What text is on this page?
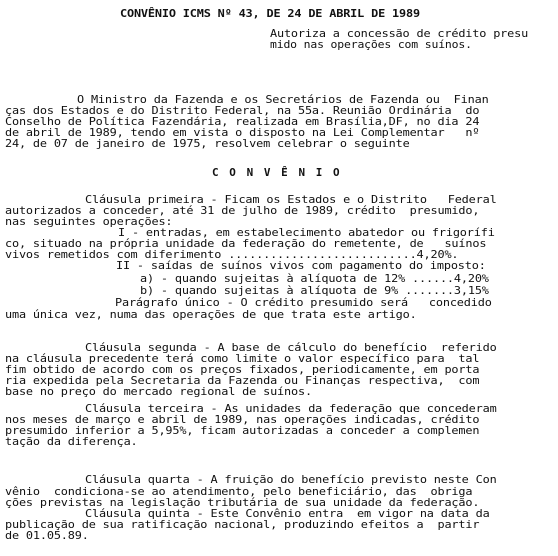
CONVÊNIO ICMS Nº 43, DE 24 DE ABRIL DE 1989
Autoriza a concessão de crédito presu
mido nas operações com suínos.
O Ministro da Fazenda e os Secretários de Fazenda ou  Finan
ças dos Estados e do Distrito Federal, na 55a. Reunião Ordinária  do
Conselho de Política Fazendária, realizada em Brasília,DF, no dia 24
de abril de 1989, tendo em vista o disposto na Lei Complementar   nº
24, de 07 de janeiro de 1975, resolvem celebrar o seguinte
C O N V Ê N I O
Cláusula primeira - Ficam os Estados e o Distrito   Federal
autorizados a conceder, até 31 de julho de 1989, crédito  presumido,
nas seguintes operações:
I - entradas, em estabelecimento abatedor ou frigorífi
co, situado na própria unidade da federação do remetente, de   suínos
vivos remetidos com diferimento ...........................4,20%.
II - saídas de suínos vivos com pagamento do imposto:
a) - quando sujeitas à alíquota de 12% ......4,20%
b) - quando sujeitas à alíquota de 9% .......3,15%
Parágrafo único - O crédito presumido será   concedido
uma única vez, numa das operações de que trata este artigo.
Cláusula segunda - A base de cálculo do benefício  referido
na cláusula precedente terá como limite o valor específico para  tal
fim obtido de acordo com os preços fixados, periodicamente, em porta
ria expedida pela Secretaria da Fazenda ou Finanças respectiva,  com
base no preço do mercado regional de suínos.
Cláusula terceira - As unidades da federação que concederam
nos meses de março e abril de 1989, nas operações indicadas, crédito
presumido inferior a 5,95%, ficam autorizadas a conceder a complemen
tação da diferença.
Cláusula quarta - A fruição do benefício previsto neste Con
vênio  condiciona-se ao atendimento, pelo beneficiário, das  obriga
ções previstas na legislação tributária de sua unidade da federação.
Cláusula quinta - Este Convênio entra  em vigor na data da
publicação de sua ratificação nacional, produzindo efeitos a  partir
de 01.05.89.
